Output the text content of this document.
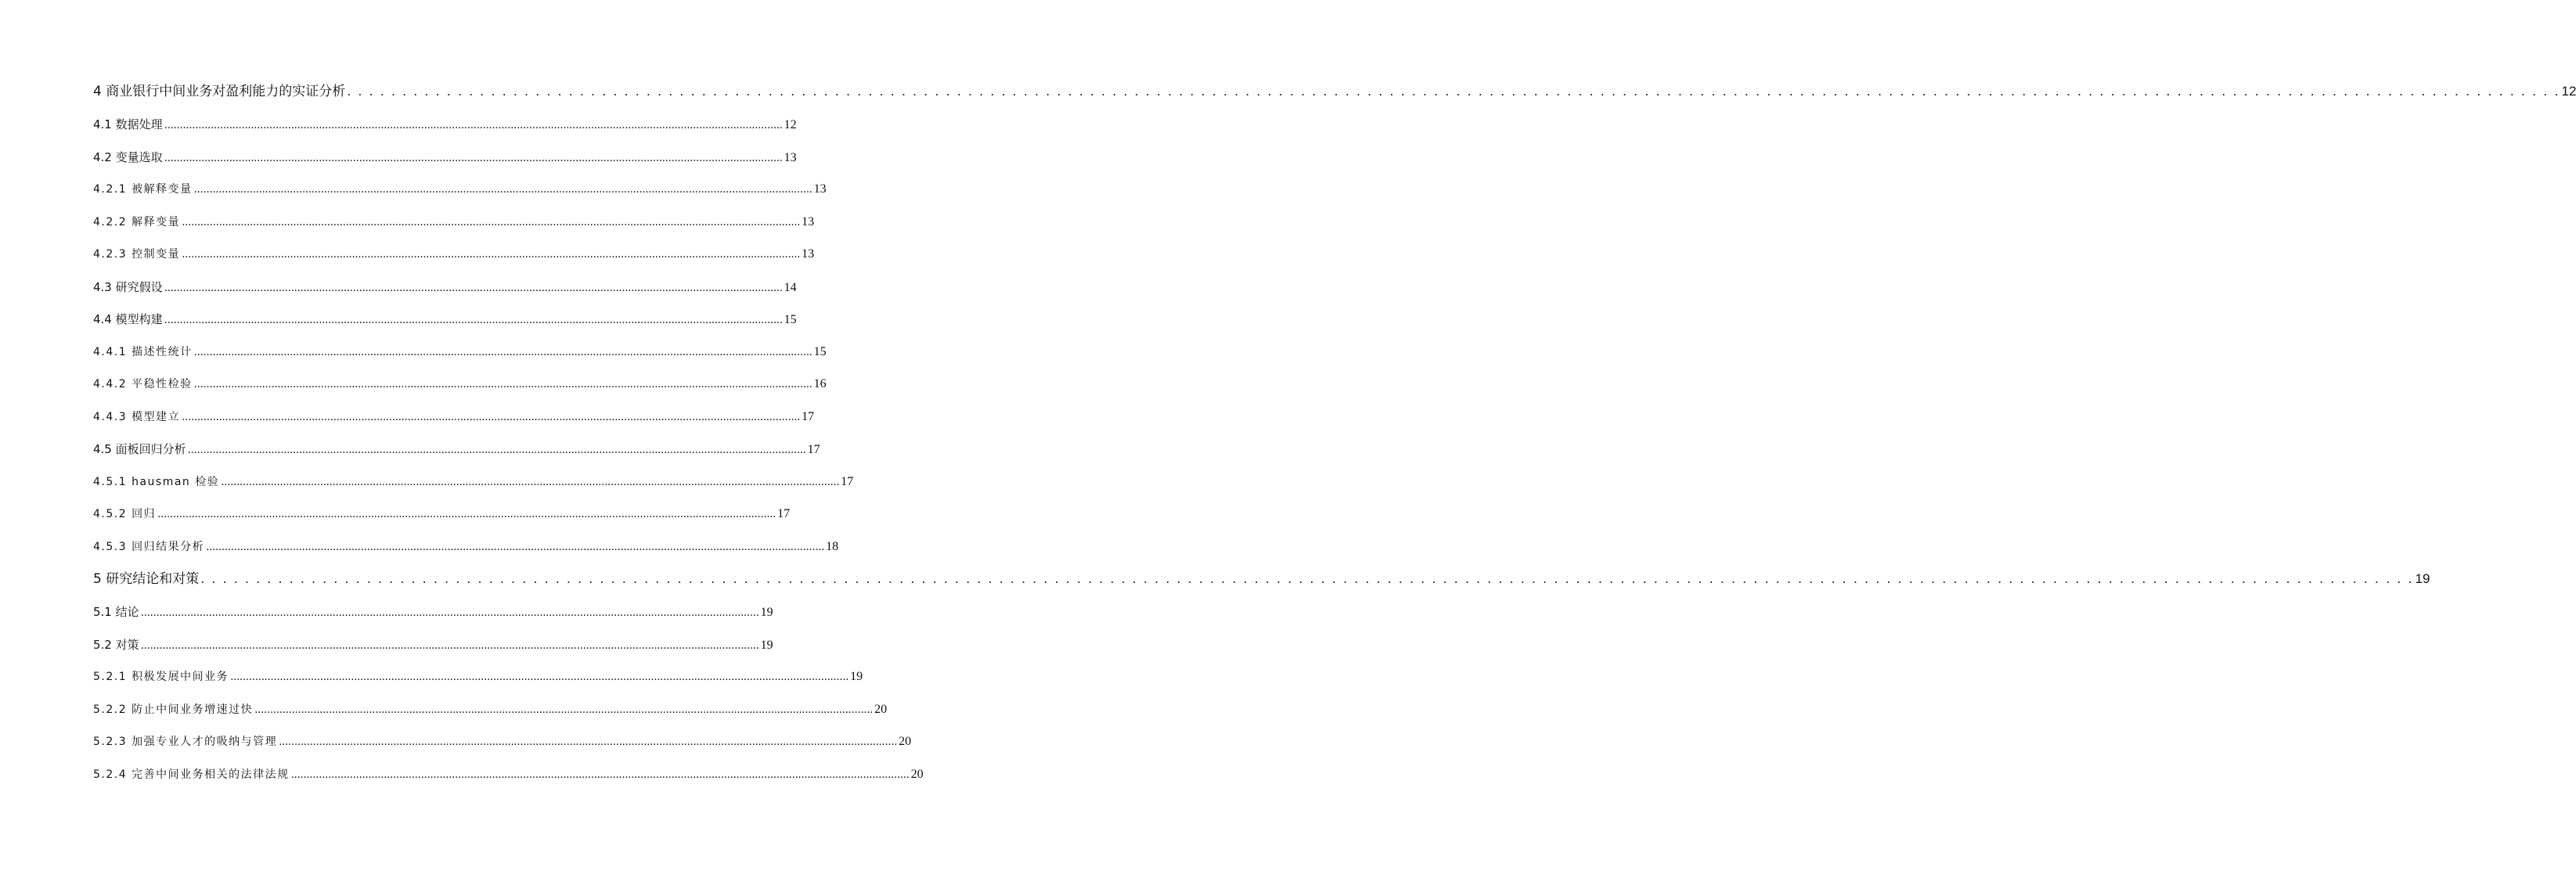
4 商业银行中间业务对盈利能力的实证分析 . . . . . . . . . . . . . . . . . . . . . . . . . . . . . . . . . . . . . . . . . . . . . . . . . . . . . . . . . . . . . . . . . . . . . . . . . . . . . . . . . . . . . . . . . . . . . . . . . . . . . . . . . . . . . . . . . . . . . . . . . . . . . . . . . . . . . . . . . . . . . . . . . . . . . . . . . . . . . . . . . . . . . . . . . . . . . . . . . . . . . . . . . . . . . . . . . . . . . . . . 12
4.1 数据处理 ........................................................................................................................................................................................................ 12
4.2 变量选取 ........................................................................................................................................................................................................ 13
4.2.1 被解释变量 ........................................................................................................................................................................................................ 13
4.2.2 解释变量 ........................................................................................................................................................................................................ 13
4.2.3 控制变量 ........................................................................................................................................................................................................ 13
4.3 研究假设 ........................................................................................................................................................................................................ 14
4.4 模型构建 ........................................................................................................................................................................................................ 15
4.4.1 描述性统计 ........................................................................................................................................................................................................ 15
4.4.2 平稳性检验 ........................................................................................................................................................................................................ 16
4.4.3 模型建立 ........................................................................................................................................................................................................ 17
4.5 面板回归分析 ........................................................................................................................................................................................................ 17
4.5.1 hausman 检验 ........................................................................................................................................................................................................ 17
4.5.2 回归 ........................................................................................................................................................................................................ 17
4.5.3 回归结果分析 ........................................................................................................................................................................................................ 18
5 研究结论和对策 . . . . . . . . . . . . . . . . . . . . . . . . . . . . . . . . . . . . . . . . . . . . . . . . . . . . . . . . . . . . . . . . . . . . . . . . . . . . . . . . . . . . . . . . . . . . . . . . . . . . . . . . . . . . . . . . . . . . . . . . . . . . . . . . . . . . . . . . . . . . . . . . . . . . . . . . . . . . . . . . . . . . . . . . . . . . . . . . . . . . . . . . . . . . . . . . . . . . . . . . 19
5.1 结论 ........................................................................................................................................................................................................ 19
5.2 对策 ........................................................................................................................................................................................................ 19
5.2.1 积极发展中间业务 ........................................................................................................................................................................................................ 19
5.2.2 防止中间业务增速过快 ........................................................................................................................................................................................................ 20
5.2.3 加强专业人才的吸纳与管理 ........................................................................................................................................................................................................ 20
5.2.4 完善中间业务相关的法律法规 ........................................................................................................................................................................................................ 20
